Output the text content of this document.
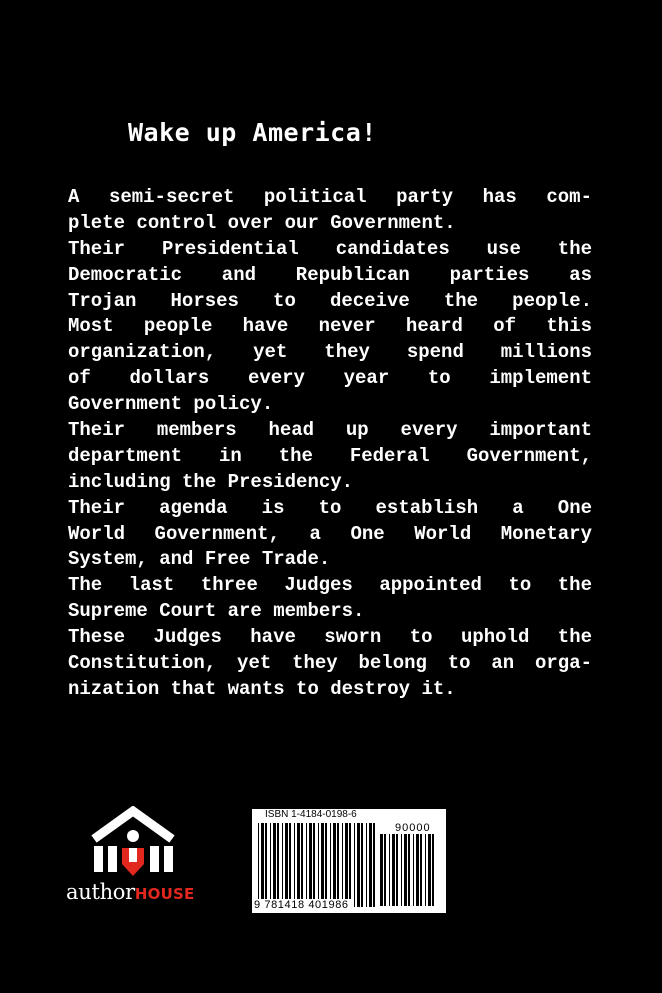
Wake up America!
A semi-secret political party has com-
plete control over our Government.
Their Presidential candidates use the
Democratic and Republican parties as
Trojan Horses to deceive the people.
Most people have never heard of this
organization, yet they spend millions
of dollars every year to implement
Government policy.
Their members head up every important
department in the Federal Government,
including the Presidency.
Their agenda is to establish a One
World Government, a One World Monetary
System, and Free Trade.
The last three Judges appointed to the
Supreme Court are members.
These Judges have sworn to uphold the
Constitution, yet they belong to an orga-
nization that wants to destroy it.
authorHOUSE
ISBN 1-4184-0198-6
90000
9 781418 401986
